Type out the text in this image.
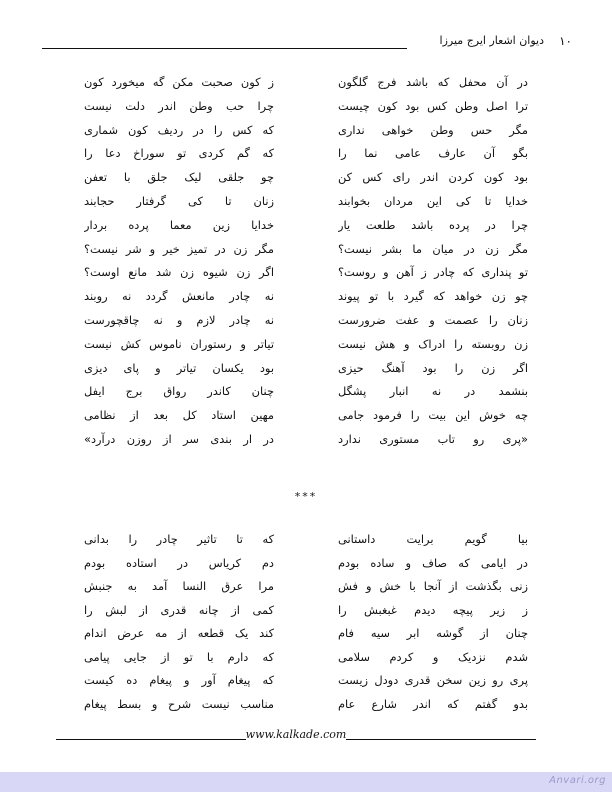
۱۰
دیوان اشعار ایرج میرزا
در آن محفل که باشد فرج گلگون
ز کون صحبت مکن گه میخورد کون
ترا اصل وطن کس بود کون چیست
چرا حب وطن اندر دلت نیست
مگر حس وطن خواهی نداری
که کس را در ردیف کون شماری
بگو آن عارف عامی نما را
که گم کردی تو سوراخ دعا را
بود کون کردن اندر رای کس کن
چو جلقی لیک جلق با تعفن
خدایا تا کی این مردان بخوابند
زنان تا کی گرفتار حجابند
چرا در پرده باشد طلعت یار
خدایا زین معما پرده بردار
مگر زن در میان ما بشر نیست؟
مگر زن در تمیز خیر و شر نیست؟
تو پنداری که چادر ز آهن و روست؟
اگر زن شیوه زن شد مانع اوست؟
چو زن خواهد که گیرد با تو پیوند
نه چادر مانعش گردد نه روبند
زنان را عصمت و عفت ضرورست
نه چادر لازم و نه چاقچورست
زن روبسته را ادراک و هش نیست
تیاتر و رستوران ناموس کش نیست
اگر زن را بود آهنگ حیزی
بود یکسان تیاتر و پای دیزی
بنشمد در نه انبار پشگل
چنان کاندر رواق برج ایفل
چه خوش این بیت را فرمود جامی
مهین استاد کل بعد از نظامی
«پری رو تاب مستوری ندارد
در ار بندی سر از روزن درآرد»
***
بیا گویم برایت داستانی
که تا تاثیر چادر را بدانی
در ایامی که صاف و ساده بودم
دم کریاس در استاده بودم
زنی بگذشت از آنجا با خش و فش
مرا عرق النسا آمد به جنبش
ز زیر پیچه دیدم غبغبش را
کمی از چانه قدری از لبش را
چنان از گوشه ابر سیه فام
کند یک قطعه از مه عرض اندام
شدم نزدیک و کردم سلامی
که دارم با تو از جایی پیامی
پری رو زین سخن قدری دودل زیست
که پیغام آور و پیغام ده کیست
بدو گفتم که اندر شارع عام
مناسب نیست شرح و بسط پیغام
www.kalkade.com
Anvari.org
